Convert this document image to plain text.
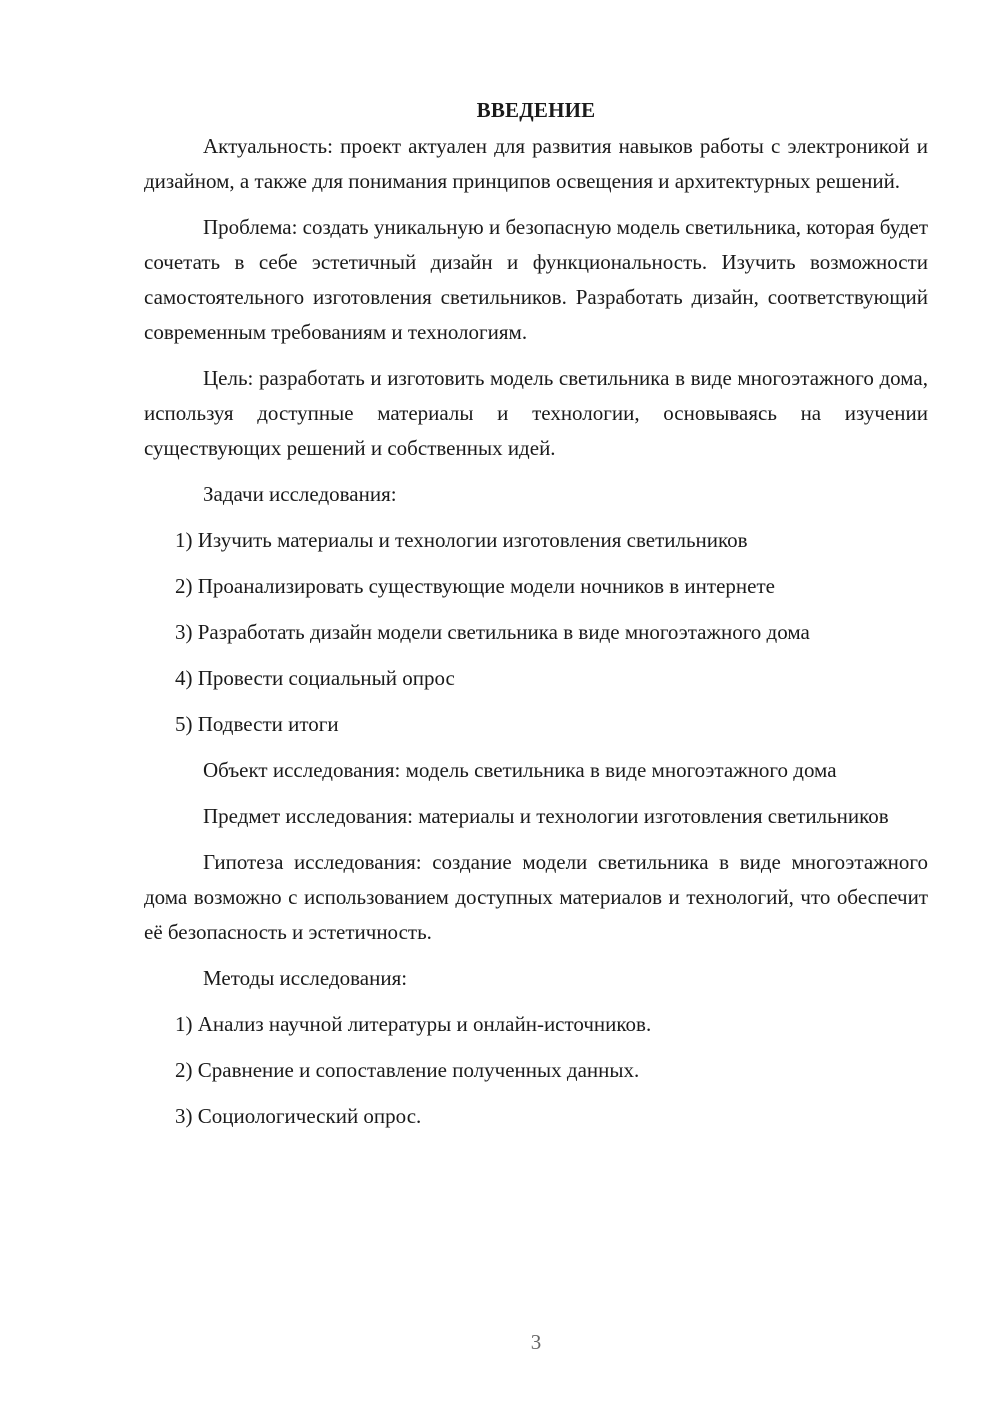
ВВЕДЕНИЕ

Актуальность: проект актуален для развития навыков работы с электроникой и дизайном, а также для понимания принципов освещения и архитектурных решений.

Проблема: создать уникальную и безопасную модель светильника, которая будет сочетать в себе эстетичный дизайн и функциональность. Изучить возможности самостоятельного изготовления светильников. Разработать дизайн, соответствующий современным требованиям и технологиям.

Цель: разработать и изготовить модель светильника в виде многоэтажного дома, используя доступные материалы и технологии, основываясь на изучении существующих решений и собственных идей.

Задачи исследования:

1) Изучить материалы и технологии изготовления светильников

2) Проанализировать существующие модели ночников в интернете

3) Разработать дизайн модели светильника в виде многоэтажного дома

4) Провести социальный опрос

5) Подвести итоги

Объект исследования: модель светильника в виде многоэтажного дома

Предмет исследования: материалы и технологии изготовления светильников

Гипотеза исследования: создание модели светильника в виде многоэтажного дома возможно с использованием доступных материалов и технологий, что обеспечит её безопасность и эстетичность.

Методы исследования:

1) Анализ научной литературы и онлайн-источников.

2) Сравнение и сопоставление полученных данных.

3) Социологический опрос.

3
